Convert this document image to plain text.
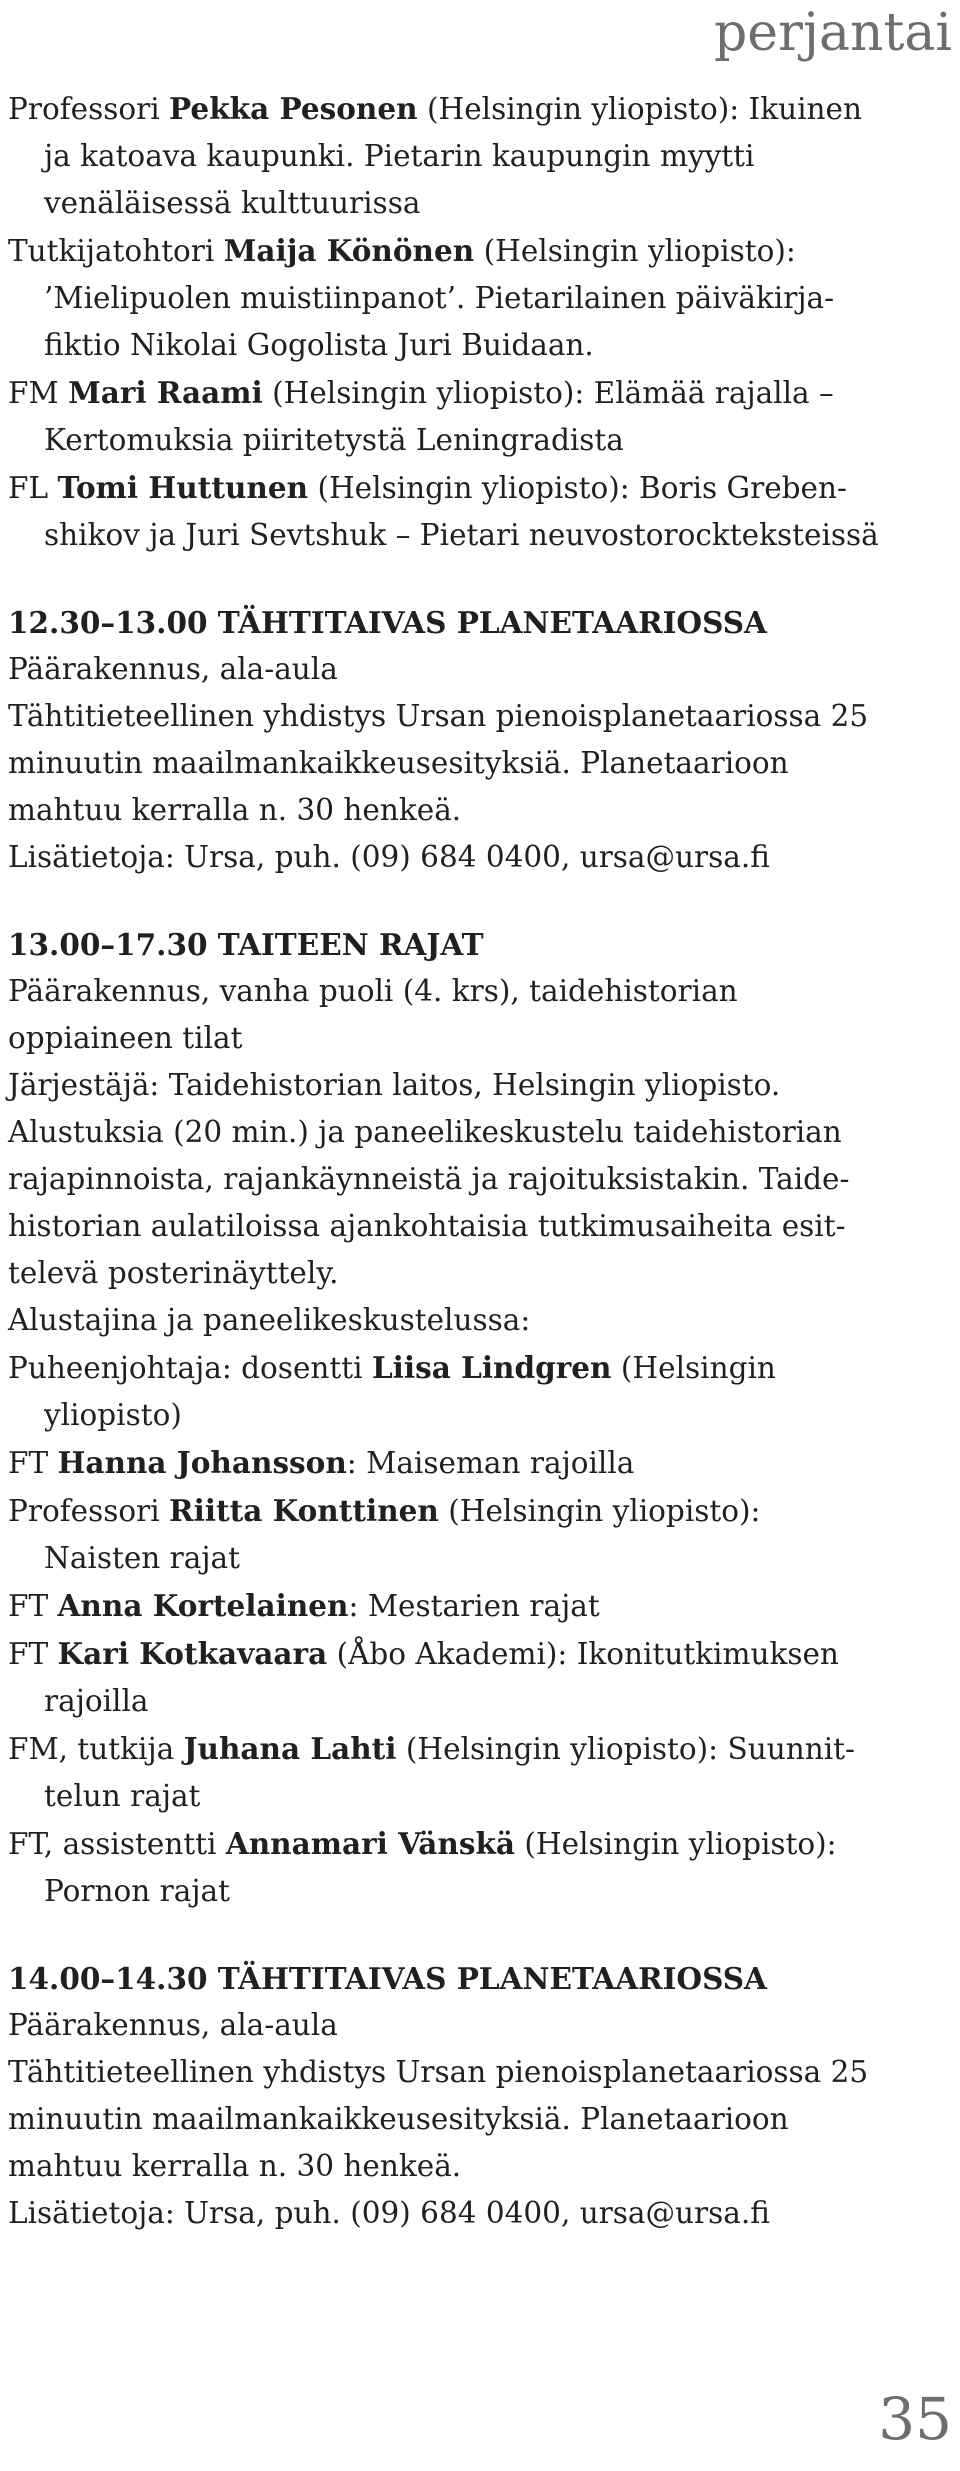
perjantai
Professori Pekka Pesonen (Helsingin yliopisto): Ikuinen
ja katoava kaupunki. Pietarin kaupungin myytti
venäläisessä kulttuurissa
Tutkijatohtori Maija Könönen (Helsingin yliopisto):
’Mielipuolen muistiinpanot’. Pietarilainen päiväkirja-
fiktio Nikolai Gogolista Juri Buidaan.
FM Mari Raami (Helsingin yliopisto): Elämää rajalla –
Kertomuksia piiritetystä Leningradista
FL Tomi Huttunen (Helsingin yliopisto): Boris Greben-
shikov ja Juri Sevtshuk – Pietari neuvostorockteksteissä
12.30–13.00 TÄHTITAIVAS PLANETAARIOSSA
Päärakennus, ala-aula
Tähtitieteellinen yhdistys Ursan pienoisplanetaariossa 25
minuutin maailmankaikkeusesityksiä. Planetaarioon
mahtuu kerralla n. 30 henkeä.
Lisätietoja: Ursa, puh. (09) 684 0400, ursa@ursa.fi
13.00–17.30 TAITEEN RAJAT
Päärakennus, vanha puoli (4. krs), taidehistorian
oppiaineen tilat
Järjestäjä: Taidehistorian laitos, Helsingin yliopisto.
Alustuksia (20 min.) ja paneelikeskustelu taidehistorian
rajapinnoista, rajankäynneistä ja rajoituksistakin. Taide-
historian aulatiloissa ajankohtaisia tutkimusaiheita esit-
televä posterinäyttely.
Alustajina ja paneelikeskustelussa:
Puheenjohtaja: dosentti Liisa Lindgren (Helsingin
yliopisto)
FT Hanna Johansson: Maiseman rajoilla
Professori Riitta Konttinen (Helsingin yliopisto):
Naisten rajat
FT Anna Kortelainen: Mestarien rajat
FT Kari Kotkavaara (Åbo Akademi): Ikonitutkimuksen
rajoilla
FM, tutkija Juhana Lahti (Helsingin yliopisto): Suunnit-
telun rajat
FT, assistentti Annamari Vänskä (Helsingin yliopisto):
Pornon rajat
14.00–14.30 TÄHTITAIVAS PLANETAARIOSSA
Päärakennus, ala-aula
Tähtitieteellinen yhdistys Ursan pienoisplanetaariossa 25
minuutin maailmankaikkeusesityksiä. Planetaarioon
mahtuu kerralla n. 30 henkeä.
Lisätietoja: Ursa, puh. (09) 684 0400, ursa@ursa.fi
35
